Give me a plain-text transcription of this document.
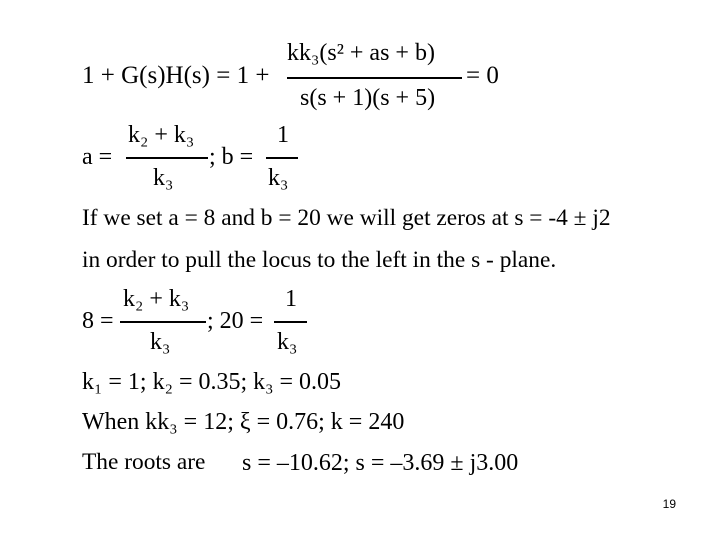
1 + G(s)H(s) = 1 +
kk₃(s² + as + b)
s(s + 1)(s + 5)
= 0
a =
k₂ + k₃
k₃
; b =
1
k₃
If we set a = 8 and b = 20 we will get zeros at s = -4 ± j2
in order to pull the locus to the left in the s - plane.
8 =
k₂ + k₃
k₃
; 20 =
1
k₃
k₁ = 1; k₂ = 0.35; k₃ = 0.05
When kk₃ = 12; ξ = 0.76; k = 240
The roots are s = –10.62; s = –3.69 ± j3.00
19
